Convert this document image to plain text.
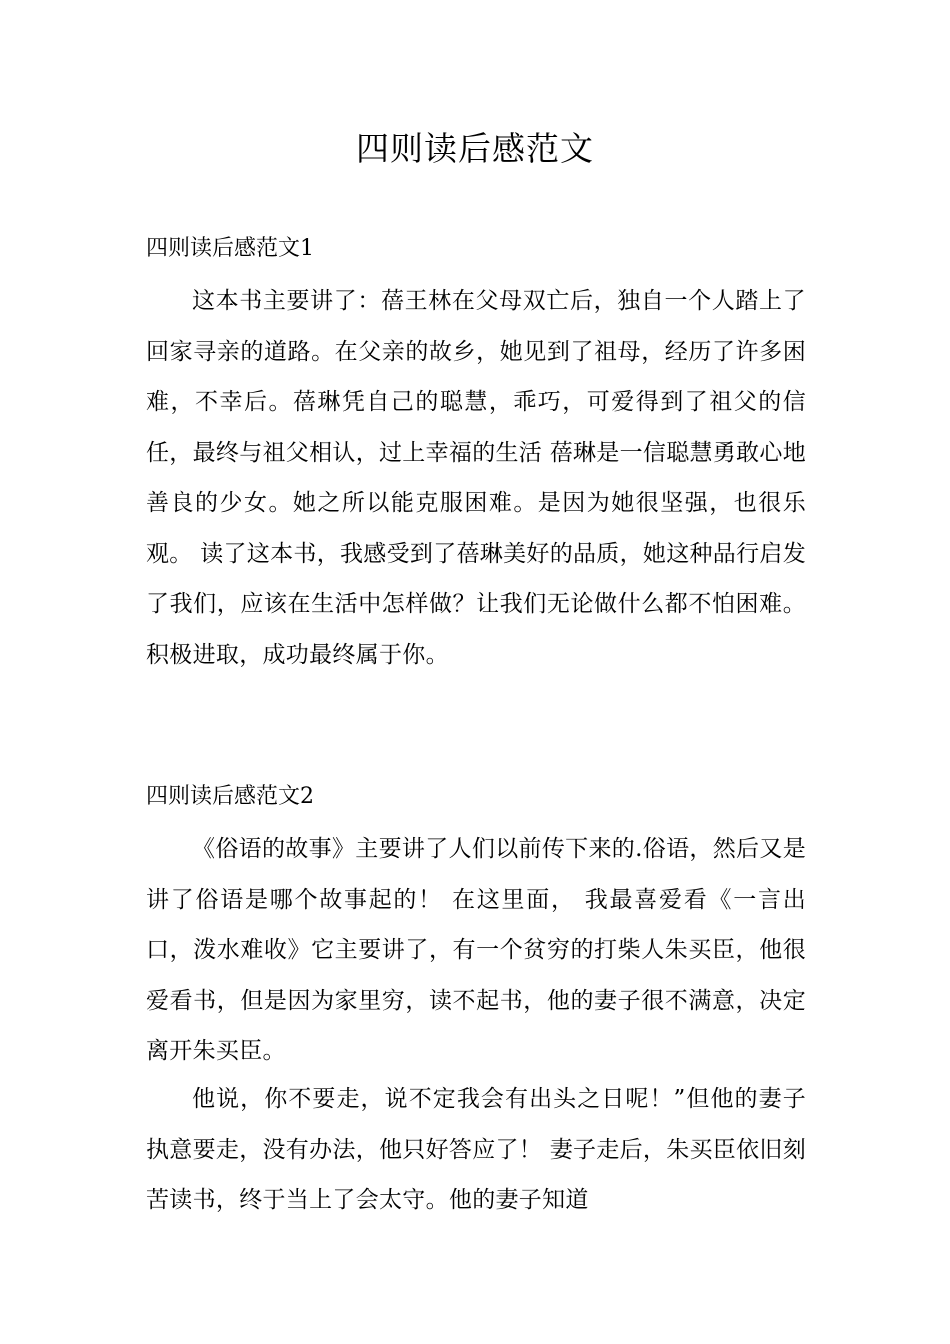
四则读后感范文
四则读后感范文1

这本书主要讲了：蓓王林在父母双亡后，独自一个人踏上了回家寻亲的道路。在父亲的故乡，她见到了祖母，经历了许多困难，不幸后。蓓琳凭自己的聪慧，乖巧，可爱得到了祖父的信任，最终与祖父相认，过上幸福的生活 蓓琳是一信聪慧勇敢心地善良的少女。她之所以能克服困难。是因为她很坚强，也很乐观。 读了这本书，我感受到了蓓琳美好的品质，她这种品行启发了我们，应该在生活中怎样做？让我们无论做什么都不怕困难。积极进取，成功最终属于你。

四则读后感范文2

《俗语的故事》主要讲了人们以前传下来的.俗语，然后又是讲了俗语是哪个故事起的！ 在这里面， 我最喜爱看《一言出口，泼水难收》它主要讲了，有一个贫穷的打柴人朱买臣，他很爱看书，但是因为家里穷，读不起书，他的妻子很不满意，决定离开朱买臣。

他说，你不要走，说不定我会有出头之日呢！”但他的妻子执意要走，没有办法，他只好答应了！ 妻子走后，朱买臣依旧刻苦读书，终于当上了会太守。他的妻子知道
